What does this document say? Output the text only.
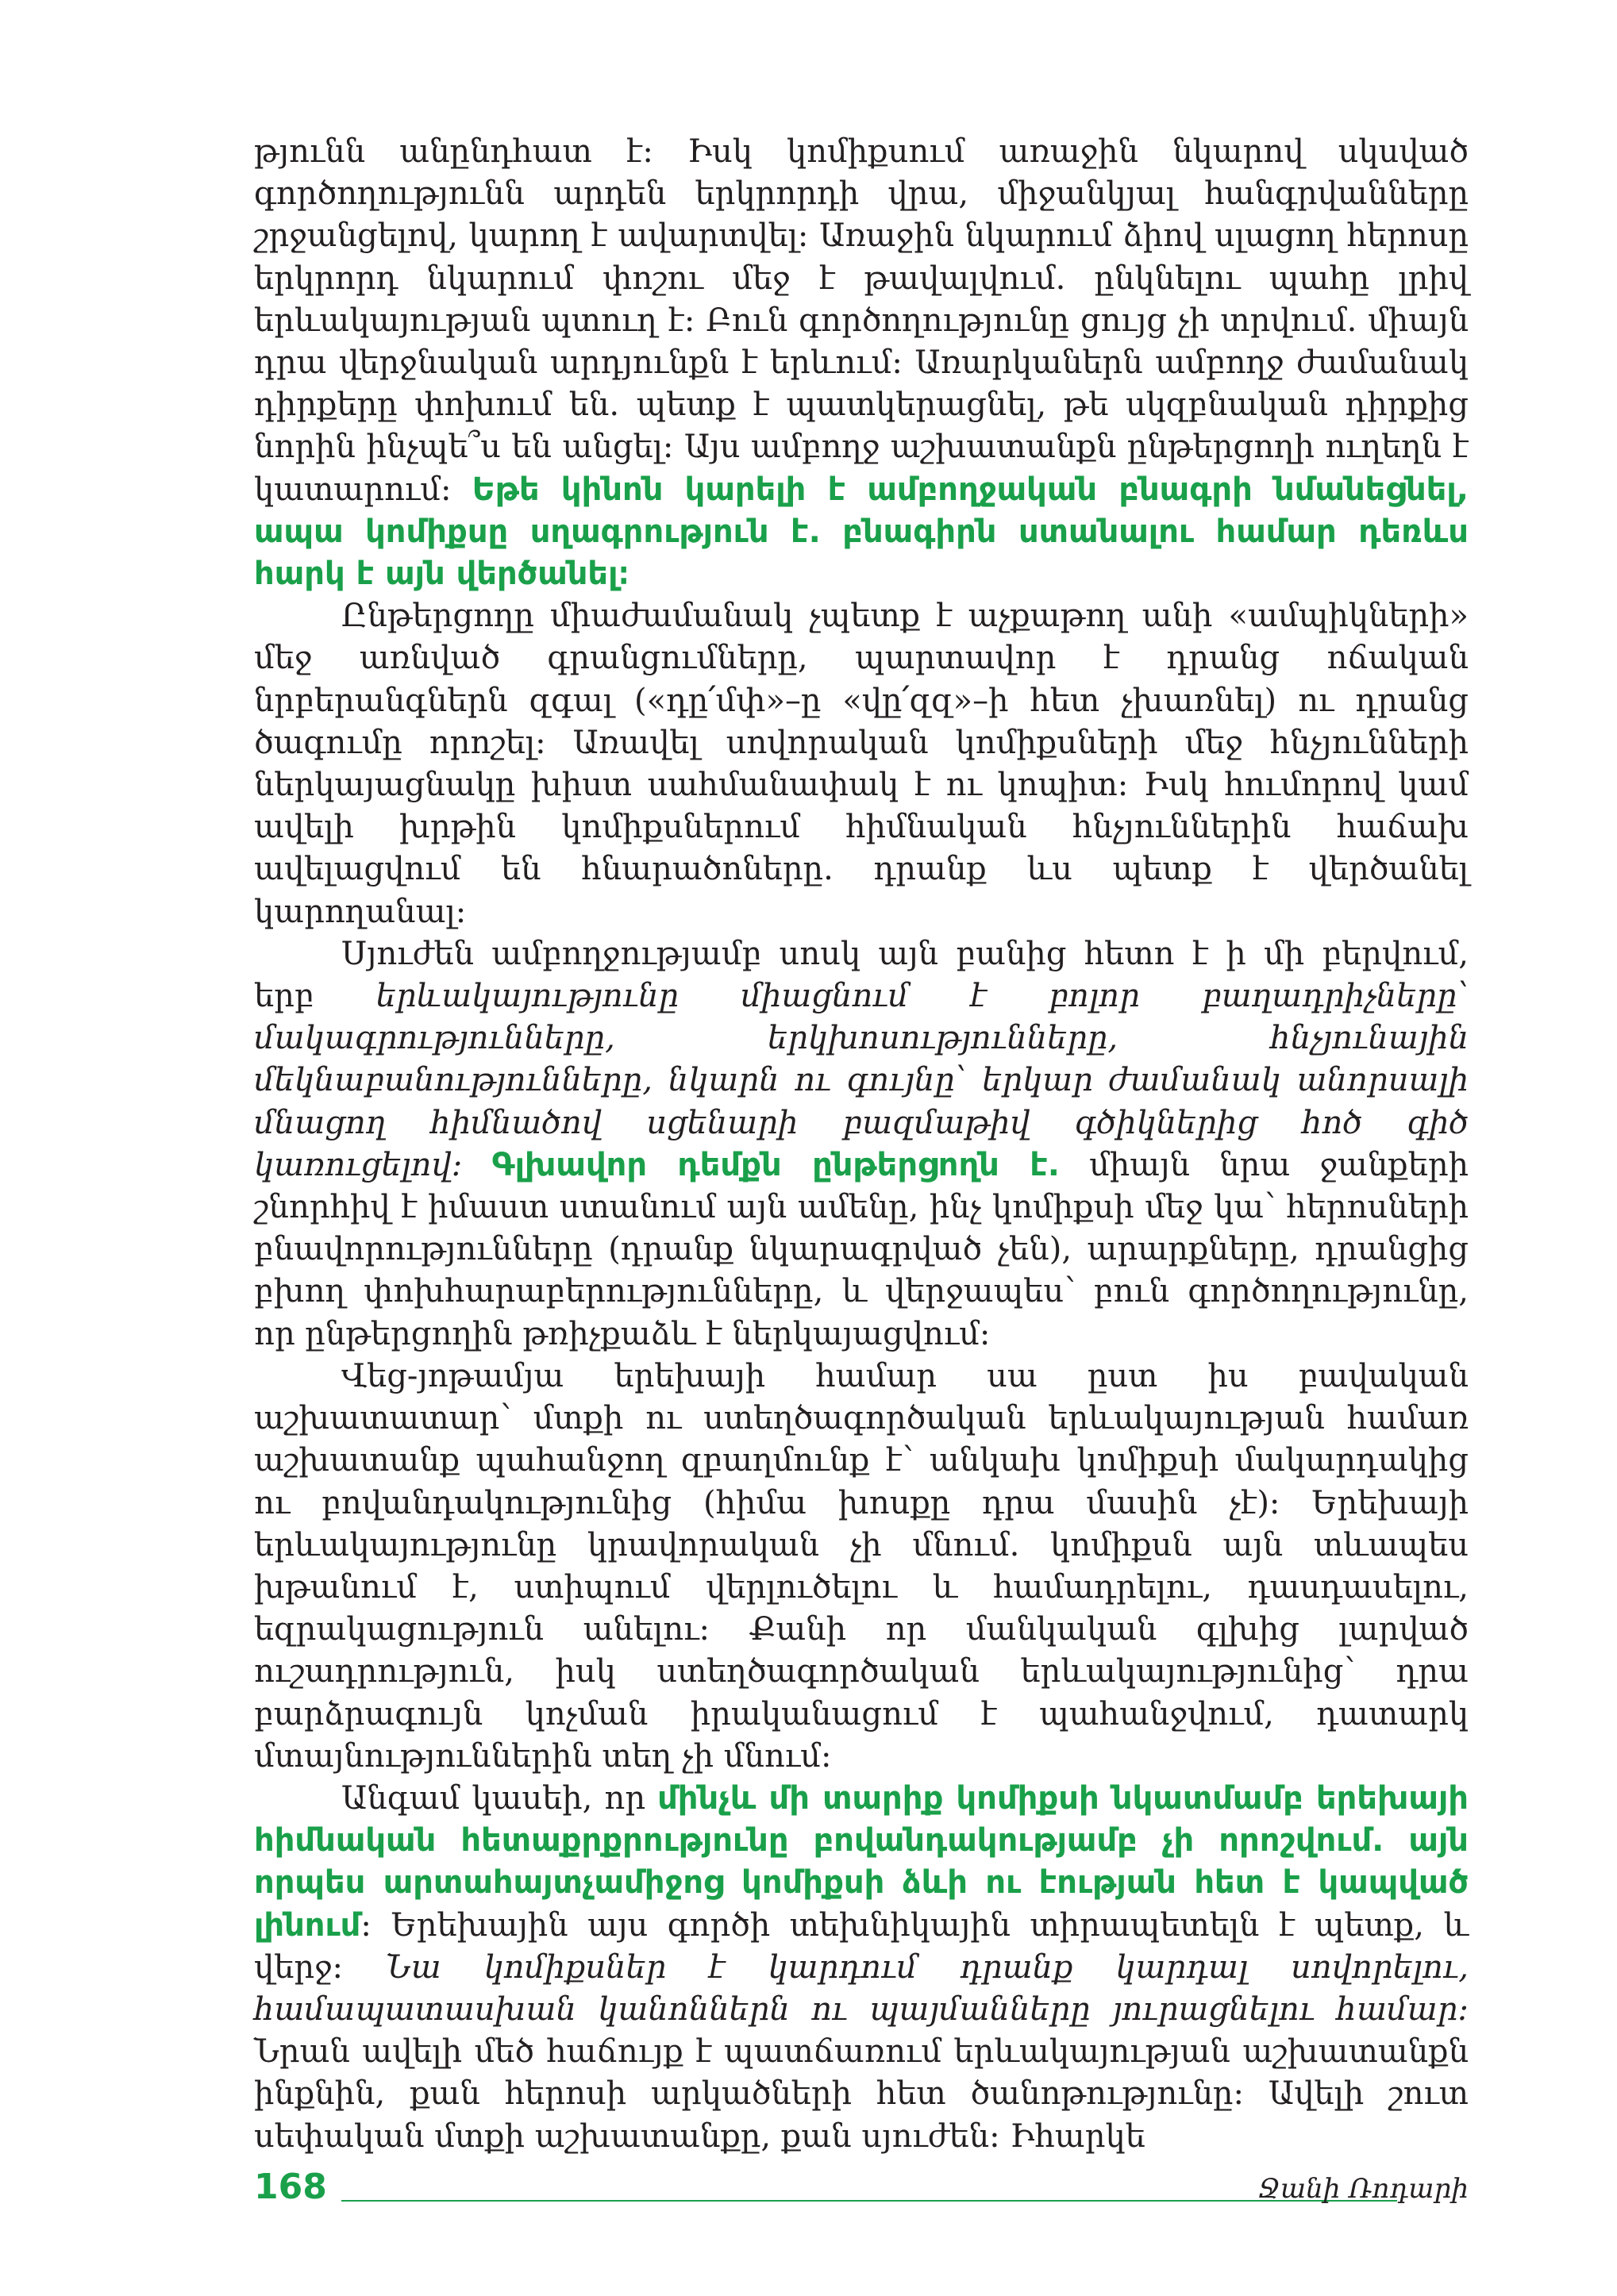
թյունն անընդհատ է։ Իսկ կոմիքսում առաջին նկարով սկսված գործողությունն արդեն երկրորդի վրա, միջանկյալ հանգրվանները շրջանցելով, կարող է ավարտվել։ Առաջին նկարում ձիով սլացող հերոսը երկրորդ նկարում փոշու մեջ է թավալվում. ընկնելու պահը լրիվ երևակայության պտուղ է։ Բուն գործողությունը ցույց չի տրվում. միայն դրա վերջնական արդյունքն է երևում։ Առարկաներն ամբողջ ժամանակ դիրքերը փոխում են. պետք է պատկերացնել, թե սկզբնական դիրքից նորին ինչպե՞ս են անցել։ Այս ամբողջ աշխատանքն ընթերցողի ուղեղն է կատարում։ Եթե կինոն կարելի է ամբողջական բնագրի նմանեցնել, ապա կոմիքսը սղագրություն է. բնագիրն ստանալու համար դեռևս հարկ է այն վերծանել։

Ընթերցողը միաժամանակ չպետք է աչքաթող անի «ամպիկների» մեջ առնված գրանցումները, պարտավոր է դրանց ոճական նրբերանգներն զգալ («դը՛մփ»–ը «վը՛զզ»–ի հետ չխառնել) ու դրանց ծագումը որոշել։ Առավել սովորական կոմիքսների մեջ հնչյունների ներկայացնակը խիստ սահմանափակ է ու կոպիտ։ Իսկ հումորով կամ ավելի խրթին կոմիքսներում հիմնական հնչյուններին հաճախ ավելացվում են հնարածոները. դրանք ևս պետք է վերծանել կարողանալ։

Սյուժեն ամբողջությամբ սոսկ այն բանից հետո է ի մի բերվում, երբ երևակայությունը միացնում է բոլոր բաղադրիչները՝ մակագրությունները, երկխոսությունները, հնչյունային մեկնաբանությունները, նկարն ու գույնը՝ երկար ժամանակ անորսալի մնացող հիմնածով սցենարի բազմաթիվ գծիկներից հոծ գիծ կառուցելով։ Գլխավոր դեմքն ընթերցողն է. միայն նրա ջանքերի շնորհիվ է իմաստ ստանում այն ամենը, ինչ կոմիքսի մեջ կա՝ հերոսների բնավորությունները (դրանք նկարագրված չեն), արարքները, դրանցից բխող փոխհարաբերությունները, և վերջապես՝ բուն գործողությունը, որ ընթերցողին թռիչքաձև է ներկայացվում։

Վեց-յոթամյա երեխայի համար սա ըստ իս բավական աշխատատար՝ մտքի ու ստեղծագործական երևակայության համառ աշխատանք պահանջող զբաղմունք է՝ անկախ կոմիքսի մակարդակից ու բովանդակությունից (հիմա խոսքը դրա մասին չէ)։ Երեխայի երևակայությունը կրավորական չի մնում. կոմիքսն այն տևապես խթանում է, ստիպում վերլուծելու և համադրելու, դասդասելու, եզրակացություն անելու։ Քանի որ մանկական գլխից լարված ուշադրություն, իսկ ստեղծագործական երևակայությունից՝ դրա բարձրագույն կոչման իրականացում է պահանջվում, դատարկ մտայնություններին տեղ չի մնում։

Անգամ կասեի, որ մինչև մի տարիք կոմիքսի նկատմամբ երեխայի հիմնական հետաքրքրությունը բովանդակությամբ չի որոշվում. այն որպես արտահայտչամիջոց կոմիքսի ձևի ու էության հետ է կապված լինում։ Երեխային այս գործի տեխնիկային տիրապետելն է պետք, և վերջ։ Նա կոմիքսներ է կարդում դրանք կարդալ սովորելու, համապատասխան կանոններն ու պայմանները յուրացնելու համար։ Նրան ավելի մեծ հաճույք է պատճառում երևակայության աշխատանքն ինքնին, քան հերոսի արկածների հետ ծանոթությունը։ Ավելի շուտ սեփական մտքի աշխատանքը, քան սյուժեն։ Իհարկե

168	Ջանի Ռոդարի
